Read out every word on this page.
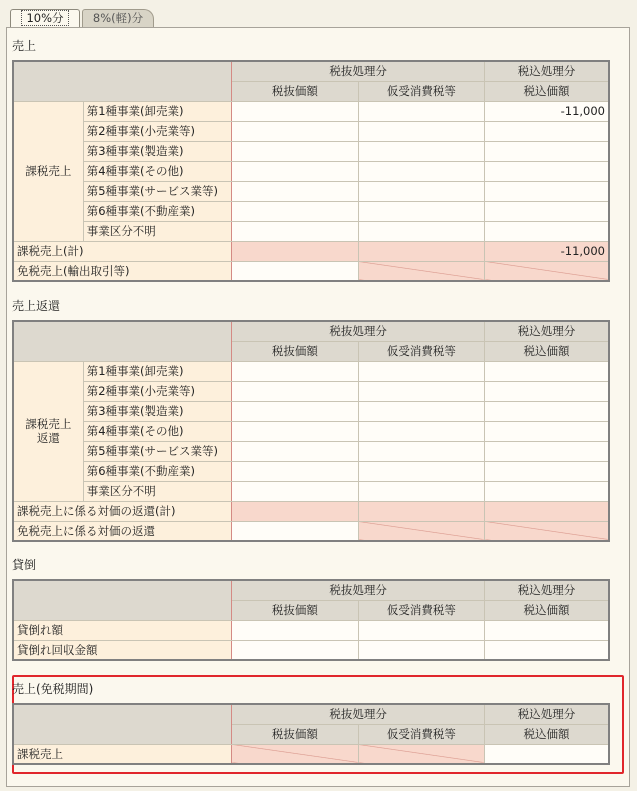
10%分	8%(軽)分
売上
		税抜処理分		税込処理分
		税抜価額	仮受消費税等	税込価額
課税売上	第1種事業(卸売業)			-11,000
	第2種事業(小売業等)			
	第3種事業(製造業)			
	第4種事業(その他)			
	第5種事業(サービス業等)			
	第6種事業(不動産業)			
	事業区分不明			
課税売上(計)				-11,000
免税売上(輸出取引等)				
売上返還
		税抜処理分		税込処理分
		税抜価額	仮受消費税等	税込価額
課税売上
返還	第1種事業(卸売業)			
	第2種事業(小売業等)			
	第3種事業(製造業)			
	第4種事業(その他)			
	第5種事業(サービス業等)			
	第6種事業(不動産業)			
	事業区分不明			
課税売上に係る対価の返還(計)				
免税売上に係る対価の返還				
貸倒
	税抜処理分		税込処理分
	税抜価額	仮受消費税等	税込価額
貸倒れ額			
貸倒れ回収金額			
売上(免税期間)
	税抜処理分		税込処理分
	税抜価額	仮受消費税等	税込価額
課税売上			
